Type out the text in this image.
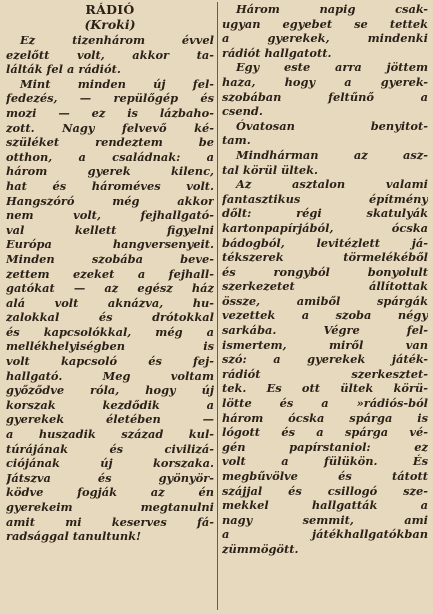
RÁDIÓ
(Kroki)
Ez tizenhárom évvel
ezelőtt volt, akkor ta-
lálták fel a rádiót.
Mint minden új fel-
fedezés, — repülőgép és
mozi — ez is lázbaho-
zott. Nagy felvevő ké-
szüléket rendeztem be
otthon, a családnak: a
három gyerek kilenc,
hat és hároméves volt.
Hangszóró még akkor
nem volt, fejhallgató-
val kellett figyelni
Európa hangversenyeit.
Minden szobába beve-
zettem ezeket a fejhall-
gatókat — az egész ház
alá volt aknázva, hu-
zalokkal és drótokkal
és kapcsolókkal, még a
mellékhelyiségben is
volt kapcsoló és fej-
hallgató. Meg voltam
győződve róla, hogy új
korszak kezdődik a
gyerekek életében —
a huszadik század kul-
túrájának és civilizá-
ciójának új korszaka.
Játszva és gyönyör-
ködve fogják az én
gyerekeim megtanulni
amit mi keserves fá-
radsággal tanultunk!
Három napig csak-
ugyan egyebet se tettek
a gyerekek, mindenki
rádiót hallgatott.
Egy este arra jöttem
haza, hogy a gyerek-
szobában feltűnő a
csend.
Óvatosan benyitot-
tam.
Mindhárman az asz-
tal körül ültek.
Az asztalon valami
fantasztikus építmény
dőlt: régi skatulyák
kartonpapírjából, ócska
bádogból, levitézlett já-
tékszerek törmelékéből
és rongyból bonyolult
szerkezetet állítottak
össze, amiből spárgák
vezettek a szoba négy
sarkába. Végre fel-
ismertem, miről van
szó: a gyerekek játék-
rádiót szerkesztet-
tek. Es ott ültek körü-
lötte és a »rádiós-ból
három ócska spárga is
lógott és a spárga vé-
gén papírstaniol: ez
volt a fülükön. És
megbűvölve és tátott
szájjal és csillogó sze-
mekkel hallgatták a
nagy semmit, ami
a játékhallgatókban
zümmögött.
